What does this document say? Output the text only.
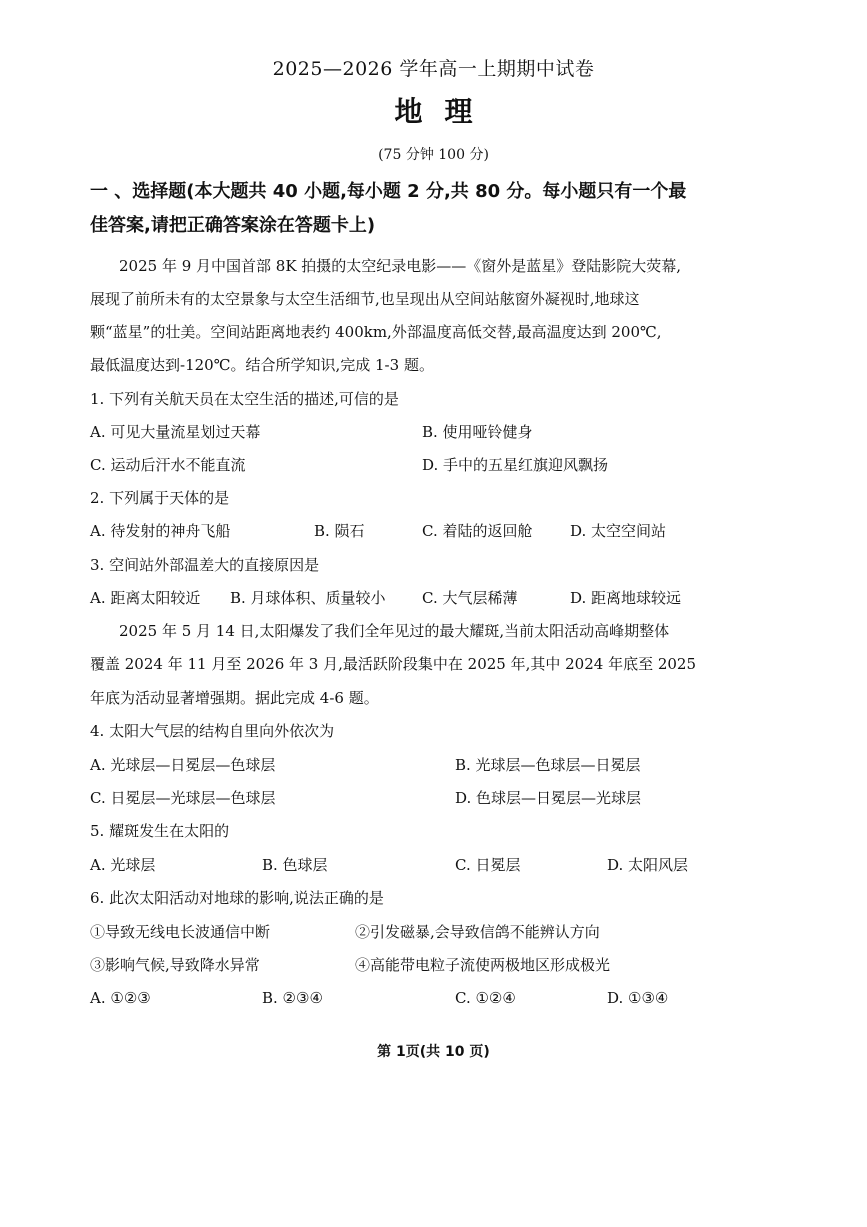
2025—2026 学年高一上期期中试卷
地理
(75 分钟 100 分)
一 、选择题(本大题共 40 小题,每小题 2 分,共 80 分。每小题只有一个最
佳答案,请把正确答案涂在答题卡上)
2025 年 9 月中国首部 8K 拍摄的太空纪录电影——《窗外是蓝星》登陆影院大荧幕,
展现了前所未有的太空景象与太空生活细节,也呈现出从空间站舷窗外凝视时,地球这
颗“蓝星”的壮美。空间站距离地表约 400km,外部温度高低交替,最高温度达到 200℃,
最低温度达到-120℃。结合所学知识,完成 1-3 题。
1. 下列有关航天员在太空生活的描述,可信的是
A. 可见大量流星划过天幕	B. 使用哑铃健身
C. 运动后汗水不能直流	D. 手中的五星红旗迎风飘扬
2. 下列属于天体的是
A. 待发射的神舟飞船	B. 陨石	C. 着陆的返回舱	D. 太空空间站
3. 空间站外部温差大的直接原因是
A. 距离太阳较近 B. 月球体积、质量较小 C. 大气层稀薄	D. 距离地球较远
2025 年 5 月 14 日,太阳爆发了我们全年见过的最大耀斑,当前太阳活动高峰期整体
覆盖 2024 年 11 月至 2026 年 3 月,最活跃阶段集中在 2025 年,其中 2024 年底至 2025
年底为活动显著增强期。据此完成 4-6 题。
4. 太阳大气层的结构自里向外依次为
A. 光球层—日冕层—色球层	B. 光球层—色球层—日冕层
C. 日冕层—光球层—色球层	D. 色球层—日冕层—光球层
5. 耀斑发生在太阳的
A. 光球层	B. 色球层	C. 日冕层	D. 太阳风层
6. 此次太阳活动对地球的影响,说法正确的是
①导致无线电长波通信中断	②引发磁暴,会导致信鸽不能辨认方向
③影响气候,导致降水异常	④高能带电粒子流使两极地区形成极光
A. ①②③	B. ②③④	C. ①②④	D. ①③④
第 1页(共 10 页)
